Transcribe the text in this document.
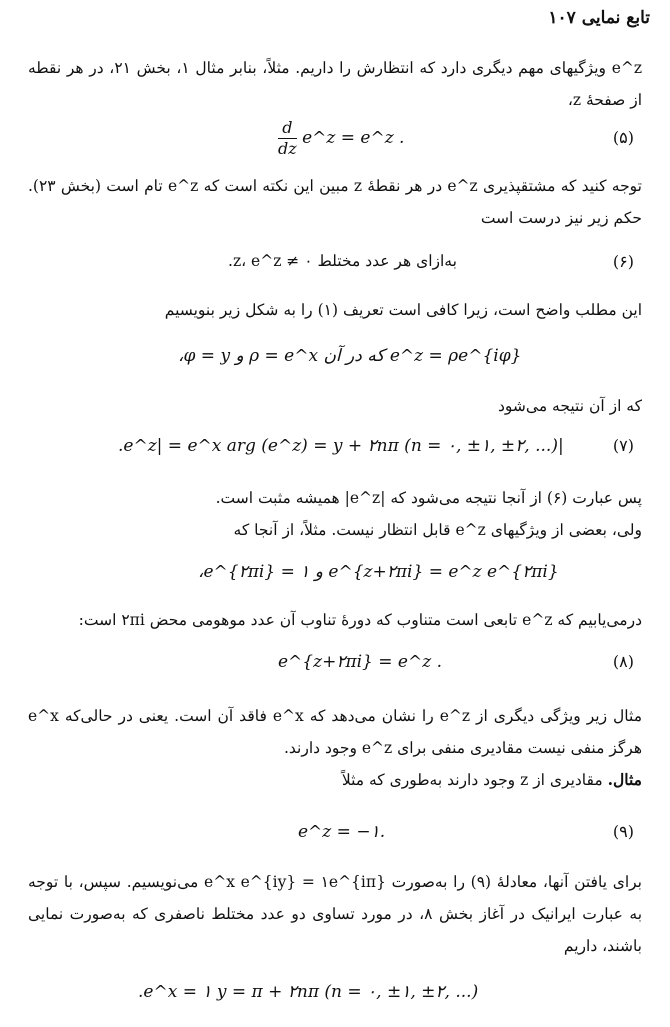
تابع نمایی ۱۰۷

e^z ویژگیهای مهم دیگری دارد که انتظارش را داریم. مثلاً، بنابر مثال ۱، بخش ۲۱، در هر نقطه از صفحهٔ z،

$\frac{d}{dz}$ e^z = e^z .	(۵)

توجه کنید که مشتقپذیری e^z در هر نقطهٔ z مبین این نکته است که e^z تام است (بخش ۲۳). حکم زیر نیز درست است

به‌ازای هر عدد مختلط z، e^z ≠ ۰.	(۶)

این مطلب واضح است، زیرا کافی است تعریف (۱) را به شکل زیر بنویسیم

e^z = ρe^{iφ} که در آن ρ = e^x و φ = y،

که از آن نتیجه می‌شود

|e^z| = e^x arg (e^z) = y + ۲nπ (n = ۰, ±۱, ±۲, ...).	(۷)

پس عبارت (۶) از آنجا نتیجه می‌شود که |e^z| همیشه مثبت است.

ولی، بعضی از ویژگیهای e^z قابل انتظار نیست. مثلاً، از آنجا که

e^{z+۲πi} = e^z e^{۲πi} و e^{۲πi} = ۱،

درمی‌یابیم که e^z تابعی است متناوب که دورهٔ تناوب آن عدد موهومی محض ۲πi است:

e^{z+۲πi} = e^z .	(۸)

مثال زیر ویژگی دیگری از e^z را نشان می‌دهد که e^x فاقد آن است. یعنی در حالی‌که e^x هرگز منفی نیست مقادیری منفی برای e^z وجود دارند.

مثال. مقادیری از z وجود دارند به‌طوری که مثلاً

e^z = −۱.	(۹)

برای یافتن آنها، معادلهٔ (۹) را به‌صورت e^x e^{iy} = ۱e^{iπ} می‌نویسیم. سپس، با توجه به عبارت ایرانیک در آغاز بخش ۸، در مورد تساوی دو عدد مختلط ناصفری که به‌صورت نمایی باشند، داریم

e^x = ۱ y = π + ۲nπ (n = ۰, ±۱, ±۲, ...).
